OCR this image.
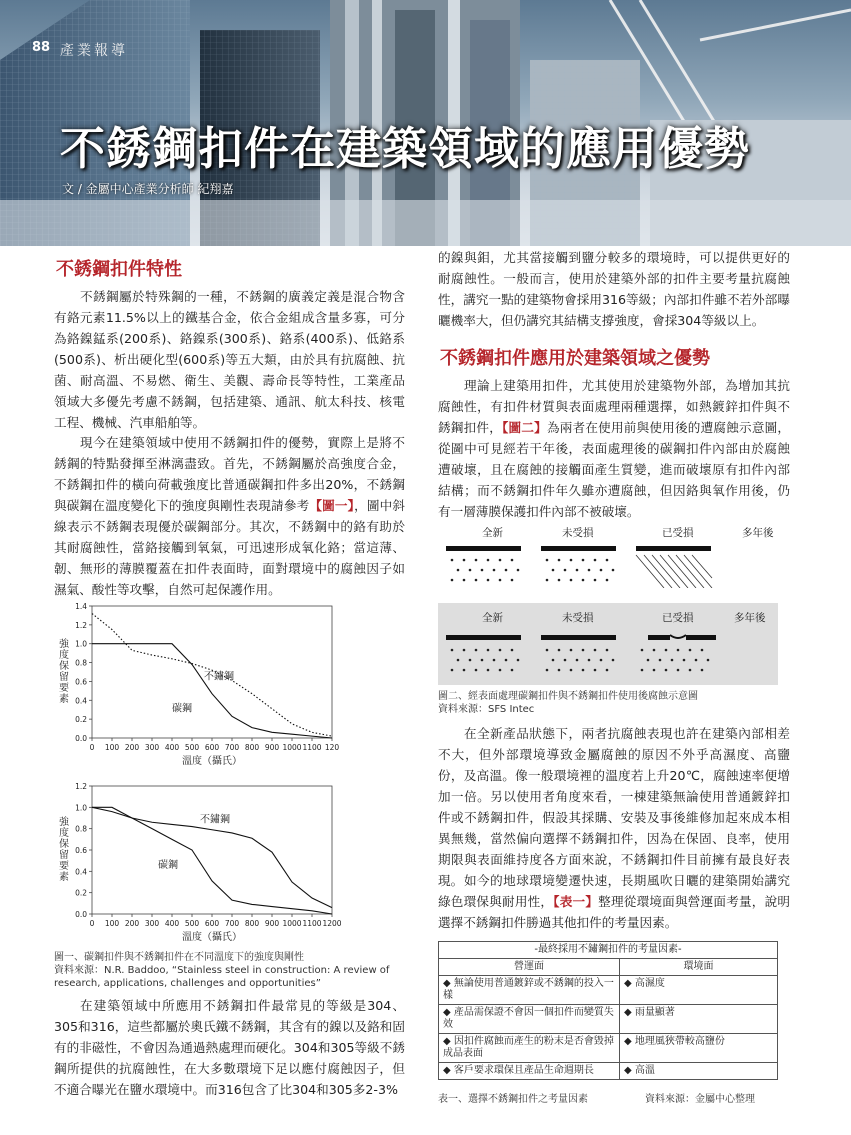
88 產業報導
不銹鋼扣件在建築領域的應用優勢
文 / 金屬中心產業分析師 紀翔嘉
不銹鋼扣件特性

不銹鋼屬於特殊鋼的一種，不銹鋼的廣義定義是混合物含有鉻元素11.5%以上的鐵基合金，依合金組成含量多寡，可分為鉻鎳錳系(200系)、鉻鎳系(300系)、鉻系(400系)、低鉻系(500系)、析出硬化型(600系)等五大類，由於具有抗腐蝕、抗菌、耐高溫、不易燃、衛生、美觀、壽命長等特性，工業產品領域大多優先考慮不銹鋼，包括建築、通訊、航太科技、核電工程、機械、汽車船舶等。

現今在建築領域中使用不銹鋼扣件的優勢，實際上是將不銹鋼的特點發揮至淋漓盡致。首先，不銹鋼屬於高強度合金，不銹鋼扣件的橫向荷載強度比普通碳鋼扣件多出20%，不銹鋼與碳鋼在溫度變化下的強度與剛性表現請參考【圖一】，圖中斜線表示不銹鋼表現優於碳鋼部分。其次，不銹鋼中的鉻有助於其耐腐蝕性，當鉻接觸到氧氣，可迅速形成氧化鉻；當這薄、韌、無形的薄膜覆蓋在扣件表面時，面對環境中的腐蝕因子如濕氣、酸性等攻擊，自然可起保護作用。

0.0
0.2
0.4
0.6
0.8
1.0
1.2
1.4
0 100 200 300 400 500 600 700 800 900 1000 1100 120
溫度（攝氏）
強
度
保
留
要
素
不鏽鋼
碳鋼
0.0
0.2
0.4
0.6
0.8
1.0
1.2
0 100 200 300 400 500 600 700 800 900 1000 1100 1200
溫度（攝氏）
強
度
保
留
要
素
不鏽鋼
碳鋼
圖一、碳鋼扣件與不銹鋼扣件在不同溫度下的強度與剛性
資料來源：N.R. Baddoo, “Stainless steel in construction: A review of research, applications, challenges and opportunities”

在建築領域中所應用不銹鋼扣件最常見的等級是304、305和316，這些都屬於奧氏鐵不銹鋼，其含有的鎳以及鉻和固有的非磁性，不會因為通過熱處理而硬化。304和305等級不銹鋼所提供的抗腐蝕性，在大多數環境下足以應付腐蝕因子，但不適合曝光在鹽水環境中。而316包含了比304和305多2-3%

的鎳與鉬，尤其當接觸到鹽分較多的環境時，可以提供更好的耐腐蝕性。一般而言，使用於建築外部的扣件主要考量抗腐蝕性，講究一點的建築物會採用316等級；內部扣件雖不若外部曝曬機率大，但仍講究其結構支撐強度，會採304等級以上。

不銹鋼扣件應用於建築領域之優勢

理論上建築用扣件，尤其使用於建築物外部，為增加其抗腐蝕性，有扣件材質與表面處理兩種選擇，如熱鍍鋅扣件與不銹鋼扣件，【圖二】為兩者在使用前與使用後的遭腐蝕示意圖，從圖中可見經若干年後，表面處理後的碳鋼扣件內部由於腐蝕遭破壞，且在腐蝕的接觸面產生質變，進而破壞原有扣件內部結構；而不銹鋼扣件年久雖亦遭腐蝕，但因鉻與氧作用後，仍有一層薄膜保護扣件內部不被破壞。

全新	未受損	已受損	多年後
全新	未受損	已受損	多年後
圖二、經表面處理碳鋼扣件與不銹鋼扣件使用後腐蝕示意圖
資料來源：SFS Intec

在全新產品狀態下，兩者抗腐蝕表現也許在建築內部相差不大，但外部環境導致金屬腐蝕的原因不外乎高濕度、高鹽份，及高溫。像一般環境裡的溫度若上升20℃，腐蝕速率便增加一倍。另以使用者角度來看，一棟建築無論使用普通鍍鋅扣件或不銹鋼扣件，假設其採購、安裝及事後維修加起來成本相異無幾，當然偏向選擇不銹鋼扣件，因為在保固、良率，使用期限與表面維持度各方面來說，不銹鋼扣件目前擁有最良好表現。 如今的地球環境變遷快速，長期風吹日曬的建築開始講究綠色環保與耐用性，【表一】整理從環境面與營運面考量，說明選擇不銹鋼扣件勝過其他扣件的考量因素。

-最終採用不鏽鋼扣件的考量因素-	
營運面	環境面
◆ 無論使用普通鍍鋅或不銹鋼的投入一樣	◆ 高濕度
◆ 產品需保證不會因一個扣件而變質失效	◆ 雨量顯著
◆ 因扣件腐蝕而產生的粉末是否會毀掉成品表面	◆ 地理風狹帶較高鹽份
◆ 客戶要求環保且產品生命週期長	◆ 高溫
表一、選擇不銹鋼扣件之考量因素	資料來源：金屬中心整理
